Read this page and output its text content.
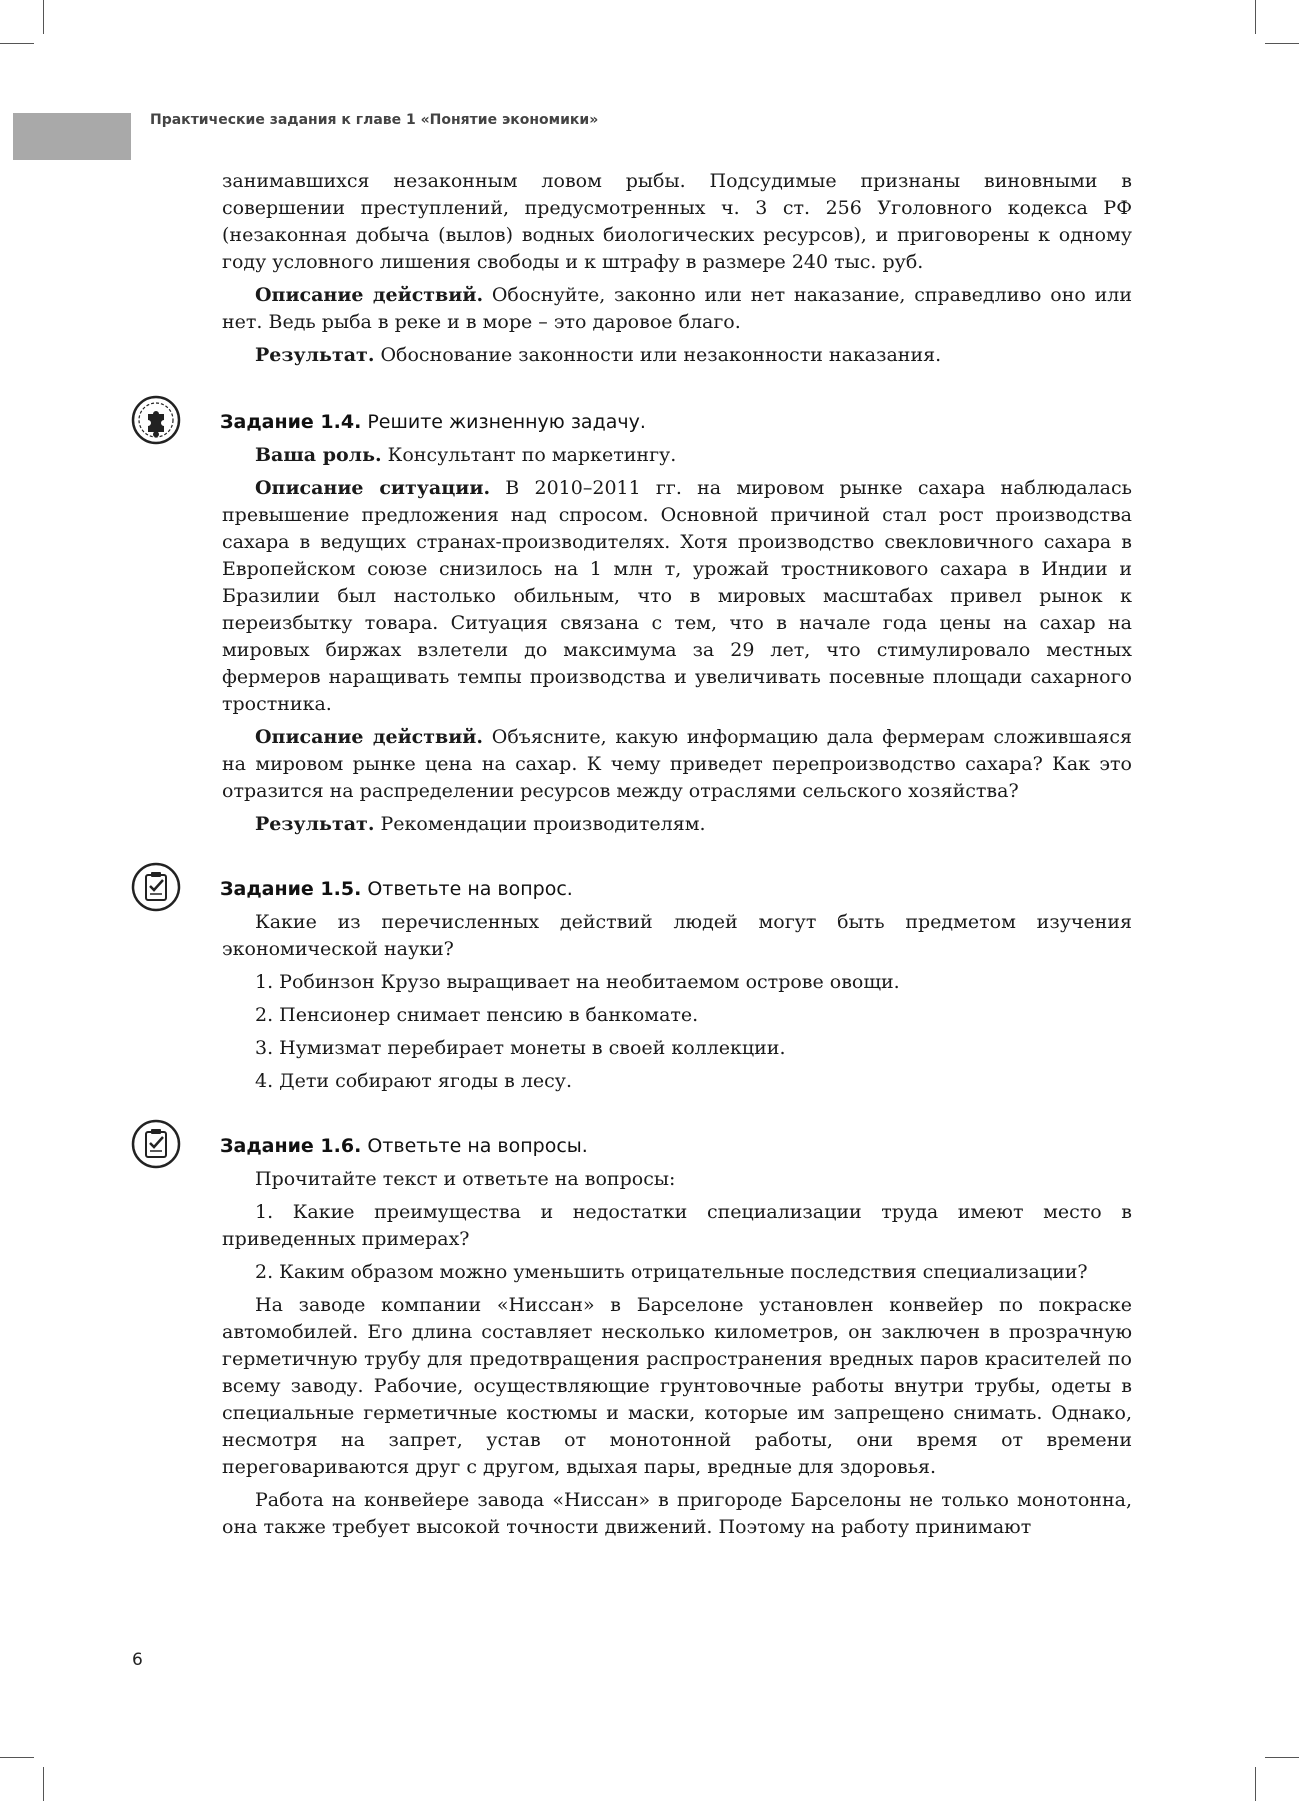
Практические задания к главе 1 «Понятие экономики»

занимавшихся незаконным ловом рыбы. Подсудимые признаны виновными в совершении преступлений, предусмотренных ч. 3 ст. 256 Уголовного кодекса РФ (незаконная добыча (вылов) водных биологических ресурсов), и приговорены к одному году условного лишения свободы и к штрафу в размере 240 тыс. руб.

Описание действий. Обоснуйте, законно или нет наказание, справедливо оно или нет. Ведь рыба в реке и в море – это даровое благо.

Результат. Обоснование законности или незаконности наказания.

Задание 1.4. Решите жизненную задачу.

Ваша роль. Консультант по маркетингу.

Описание ситуации. В 2010–2011 гг. на мировом рынке сахара наблюдалась превышение предложения над спросом. Основной причиной стал рост производства сахара в ведущих странах-производителях. Хотя производство свекловичного сахара в Европейском союзе снизилось на 1 млн т, урожай тростникового сахара в Индии и Бразилии был настолько обильным, что в мировых масштабах привел рынок к переизбытку товара. Ситуация связана с тем, что в начале года цены на сахар на мировых биржах взлетели до максимума за 29 лет, что стимулировало местных фермеров наращивать темпы производства и увеличивать посевные площади сахарного тростника.

Описание действий. Объясните, какую информацию дала фермерам сложившаяся на мировом рынке цена на сахар. К чему приведет перепроизводство сахара? Как это отразится на распределении ресурсов между отраслями сельского хозяйства?

Результат. Рекомендации производителям.

Задание 1.5. Ответьте на вопрос.

Какие из перечисленных действий людей могут быть предметом изучения экономической науки?

1. Робинзон Крузо выращивает на необитаемом острове овощи.
2. Пенсионер снимает пенсию в банкомате.
3. Нумизмат перебирает монеты в своей коллекции.
4. Дети собирают ягоды в лесу.
Задание 1.6. Ответьте на вопросы.

Прочитайте текст и ответьте на вопросы:

1. Какие преимущества и недостатки специализации труда имеют место в приведенных примерах?
2. Каким образом можно уменьшить отрицательные последствия специализации?

На заводе компании «Ниссан» в Барселоне установлен конвейер по покраске автомобилей. Его длина составляет несколько километров, он заключен в прозрачную герметичную трубу для предотвращения распространения вредных паров красителей по всему заводу. Рабочие, осуществляющие грунтовочные работы внутри трубы, одеты в специальные герметичные костюмы и маски, которые им запрещено снимать. Однако, несмотря на запрет, устав от монотонной работы, они время от времени переговариваются друг с другом, вдыхая пары, вредные для здоровья.

Работа на конвейере завода «Ниссан» в пригороде Барселоны не только монотонна, она также требует высокой точности движений. Поэтому на работу принимают

6
